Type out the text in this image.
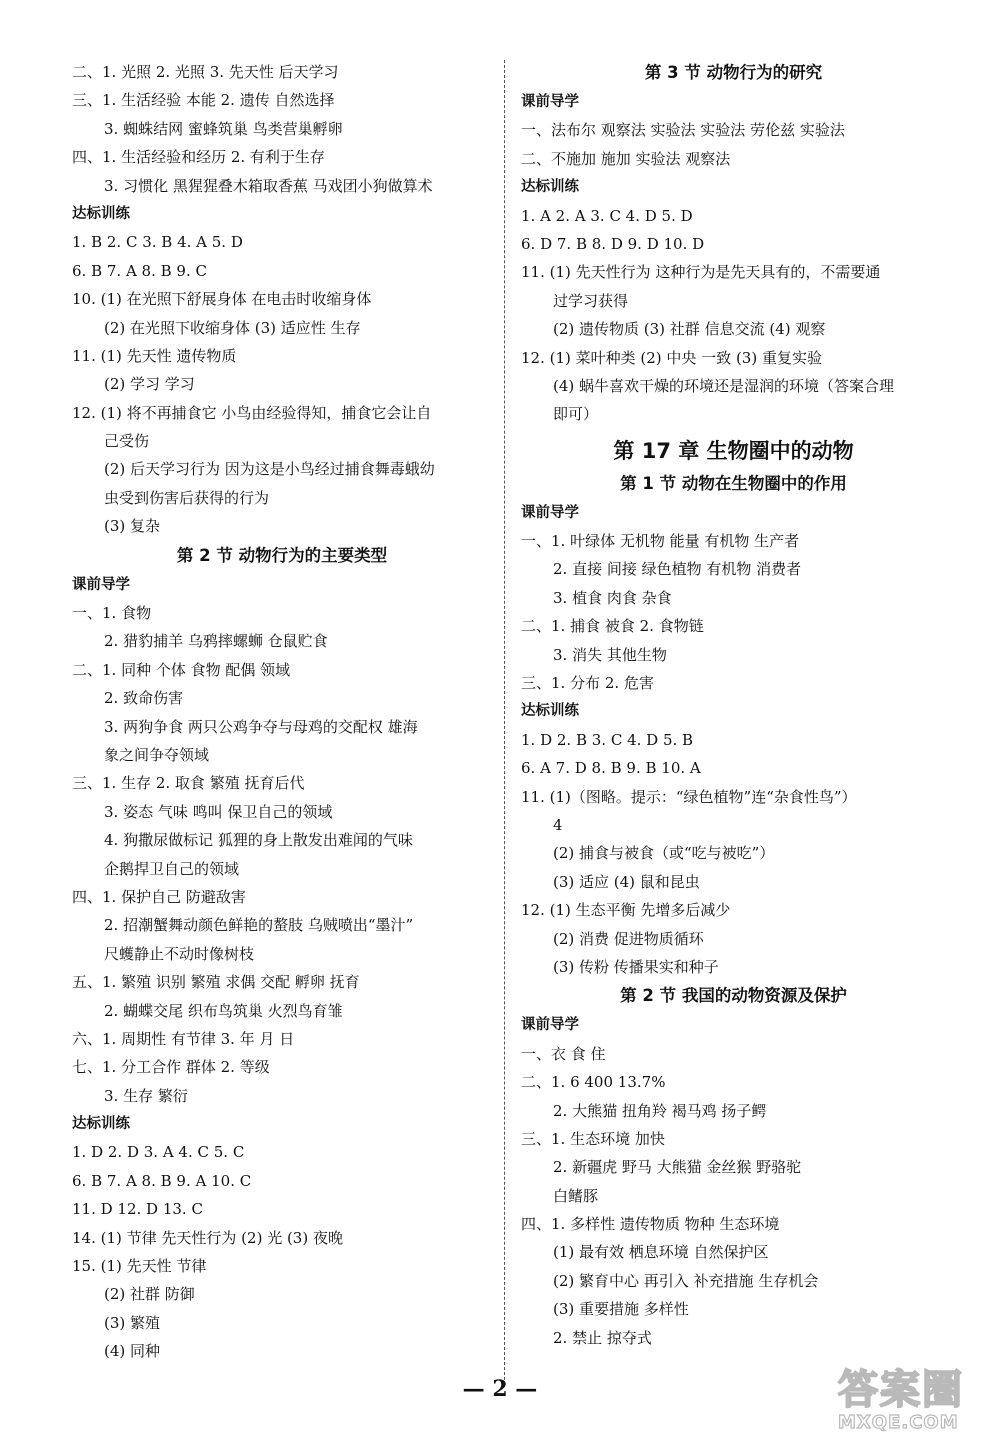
二、1. 光照 2. 光照 3. 先天性 后天学习
三、1. 生活经验 本能 2. 遗传 自然选择
3. 蜘蛛结网 蜜蜂筑巢 鸟类营巢孵卵
四、1. 生活经验和经历 2. 有利于生存
3. 习惯化 黑猩猩叠木箱取香蕉 马戏团小狗做算术
达标训练
1. B 2. C 3. B 4. A 5. D
6. B 7. A 8. B 9. C
10. (1) 在光照下舒展身体 在电击时收缩身体
(2) 在光照下收缩身体 (3) 适应性 生存
11. (1) 先天性 遗传物质
(2) 学习 学习
12. (1) 将不再捕食它 小鸟由经验得知，捕食它会让自
己受伤
(2) 后天学习行为 因为这是小鸟经过捕食舞毒蛾幼
虫受到伤害后获得的行为
(3) 复杂
第 2 节 动物行为的主要类型
课前导学
一、1. 食物
2. 猎豹捕羊 乌鸦摔螺蛳 仓鼠贮食
二、1. 同种 个体 食物 配偶 领域
2. 致命伤害
3. 两狗争食 两只公鸡争夺与母鸡的交配权 雄海
象之间争夺领域
三、1. 生存 2. 取食 繁殖 抚育后代
3. 姿态 气味 鸣叫 保卫自己的领域
4. 狗撒尿做标记 狐狸的身上散发出难闻的气味
企鹅捍卫自己的领域
四、1. 保护自己 防避敌害
2. 招潮蟹舞动颜色鲜艳的螯肢 乌贼喷出“墨汁”
尺蠖静止不动时像树枝
五、1. 繁殖 识别 繁殖 求偶 交配 孵卵 抚育
2. 蝴蝶交尾 织布鸟筑巢 火烈鸟育雏
六、1. 周期性 有节律 3. 年 月 日
七、1. 分工合作 群体 2. 等级
3. 生存 繁衍
达标训练
1. D 2. D 3. A 4. C 5. C
6. B 7. A 8. B 9. A 10. C
11. D 12. D 13. C
14. (1) 节律 先天性行为 (2) 光 (3) 夜晚
15. (1) 先天性 节律
(2) 社群 防御
(3) 繁殖
(4) 同种
第 3 节 动物行为的研究
课前导学
一、法布尔 观察法 实验法 实验法 劳伦兹 实验法
二、不施加 施加 实验法 观察法
达标训练
1. A 2. A 3. C 4. D 5. D
6. D 7. B 8. D 9. D 10. D
11. (1) 先天性行为 这种行为是先天具有的，不需要通
过学习获得
(2) 遗传物质 (3) 社群 信息交流 (4) 观察
12. (1) 菜叶种类 (2) 中央 一致 (3) 重复实验
(4) 蜗牛喜欢干燥的环境还是湿润的环境（答案合理
即可）
第 17 章 生物圈中的动物
第 1 节 动物在生物圈中的作用
课前导学
一、1. 叶绿体 无机物 能量 有机物 生产者
2. 直接 间接 绿色植物 有机物 消费者
3. 植食 肉食 杂食
二、1. 捕食 被食 2. 食物链
3. 消失 其他生物
三、1. 分布 2. 危害
达标训练
1. D 2. B 3. C 4. D 5. B
6. A 7. D 8. B 9. B 10. A
11. (1)（图略。提示：“绿色植物”连“杂食性鸟”）
4
(2) 捕食与被食（或“吃与被吃”）
(3) 适应 (4) 鼠和昆虫
12. (1) 生态平衡 先增多后减少
(2) 消费 促进物质循环
(3) 传粉 传播果实和种子
第 2 节 我国的动物资源及保护
课前导学
一、衣 食 住
二、1. 6 400 13.7%
2. 大熊猫 扭角羚 褐马鸡 扬子鳄
三、1. 生态环境 加快
2. 新疆虎 野马 大熊猫 金丝猴 野骆驼
白鳍豚
四、1. 多样性 遗传物质 物种 生态环境
(1) 最有效 栖息环境 自然保护区
(2) 繁育中心 再引入 补充措施 生存机会
(3) 重要措施 多样性
2. 禁止 掠夺式
— 2 —	答案圈
MXQE.COM
